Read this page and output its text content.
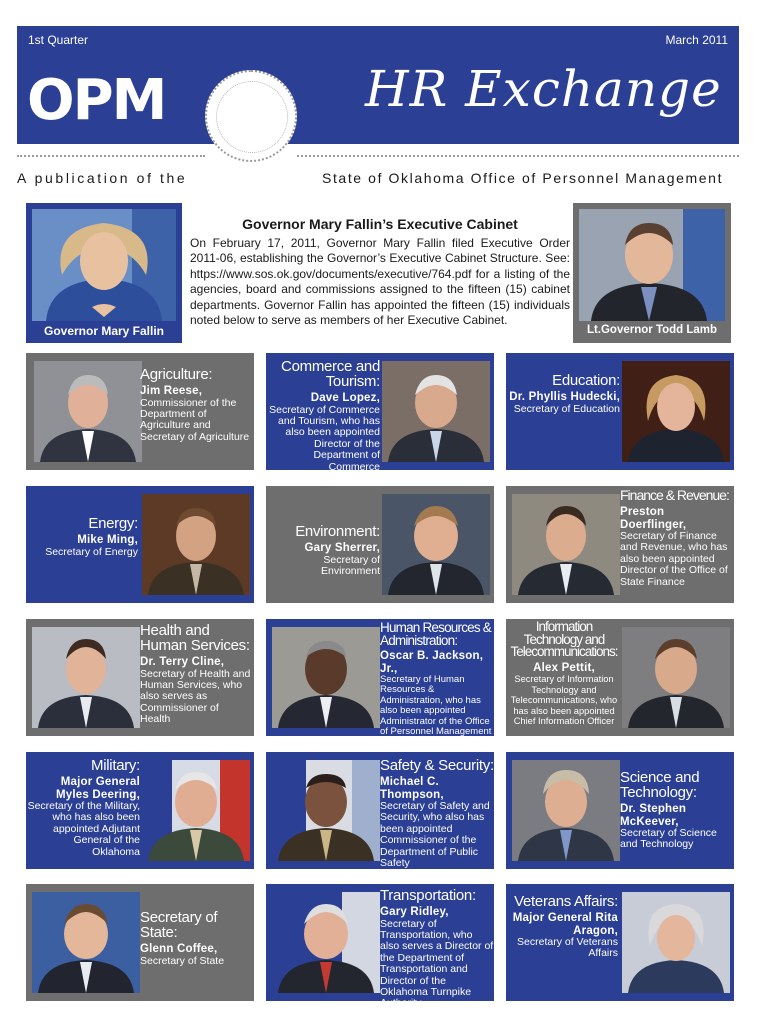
1st Quarter	March 2011
OPM	HR Exchange
A publication of the	State of Oklahoma Office of Personnel Management
Governor Mary Fallin
Governor Mary Fallin’s Executive Cabinet
On February 17, 2011, Governor Mary Fallin filed Executive Order 2011-06, establishing the Governor’s Executive Cabinet Structure. See: https://www.sos.ok.gov/documents/executive/764.pdf for a listing of the agencies, board and commissions assigned to the fifteen (15) cabinet departments. Governor Fallin has appointed the fifteen (15) individuals noted below to serve as members of her Executive Cabinet.
Lt.Governor Todd Lamb
Agriculture:
Jim Reese,
Commissioner of the Department of Agriculture and Secretary of Agriculture
Commerce and Tourism:
Dave Lopez,
Secretary of Commerce and Tourism, who has also been appointed Director of the Department of Commerce
Education:
Dr. Phyllis Hudecki,
Secretary of Education
Energy:
Mike Ming,
Secretary of Energy
Environment:
Gary Sherrer,
Secretary of Environment
Finance & Revenue:
Preston Doerflinger,
Secretary of Finance and Revenue, who has also been appointed Director of the Office of State Finance
Health and Human Services:
Dr. Terry Cline,
Secretary of Health and Human Services, who also serves as Commissioner of Health
Human Resources & Administration:
Oscar B. Jackson, Jr.,
Secretary of Human Resources & Administration, who has also been appointed Administrator of the Office of Personnel Management
Information Technology and Telecommunications:
Alex Pettit,
Secretary of Information Technology and Telecommunications, who has also been appointed Chief Information Officer
Military:
Major General Myles Deering,
Secretary of the Military, who has also been appointed Adjutant General of the Oklahoma
Safety & Security:
Michael C. Thompson,
Secretary of Safety and Security, who also has been appointed Commissioner of the Department of Public Safety
Science and Technology:
Dr. Stephen McKeever,
Secretary of Science and Technology
Secretary of State:
Glenn Coffee,
Secretary of State
Transportation:
Gary Ridley,
Secretary of Transportation, who also serves a Director of the Department of Transportation and Director of the Oklahoma Turnpike Authority
Veterans Affairs:
Major General Rita Aragon,
Secretary of Veterans Affairs
